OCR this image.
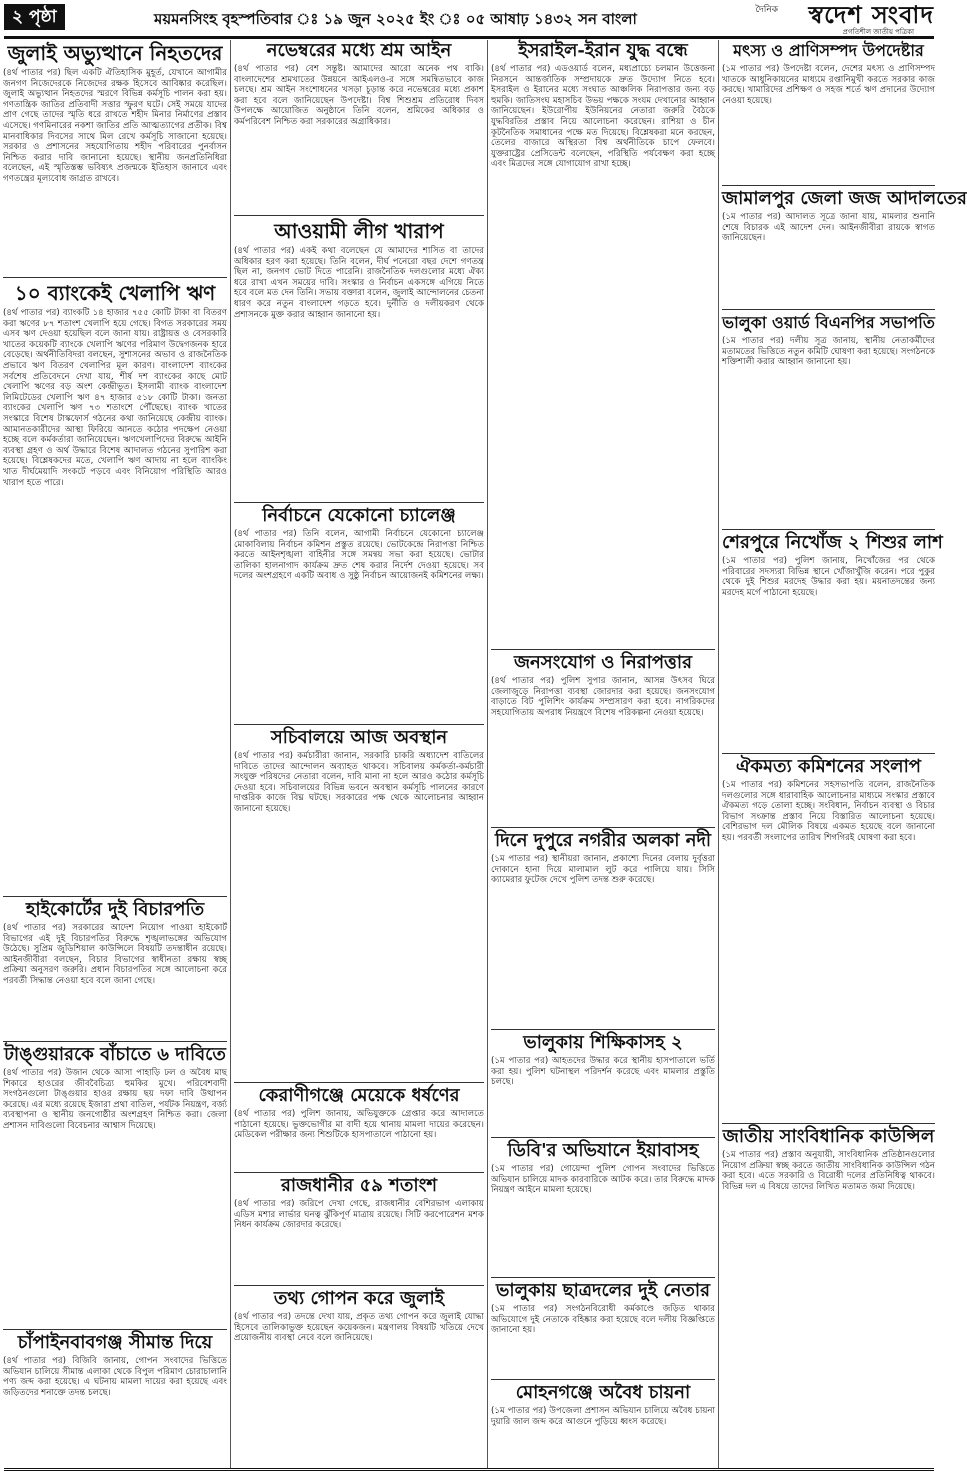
২ পৃষ্ঠা	ময়মনসিংহ বৃহস্পতিবার ঃ ১৯ জুন ২০২৫ ইং ঃ ০৫ আষাঢ় ১৪৩২ সন বাংলা	দৈনিক স্বদেশ সংবাদ
প্রগতিশীল জাতীয় পত্রিকা
জুলাই অভ্যুত্থানে নিহতদের

(৪র্থ পাতার পর) ছিল একটি ঐতিহাসিক মুহূর্ত, যেখানে আগামীর জনগণ নিজেদেরকে নিজেদের রক্ষক হিসেবে আবিষ্কার করেছিল। জুলাই অভ্যুত্থান নিহতদের স্মরণে বিভিন্ন কর্মসূচি পালন করা হয়। গণতান্ত্রিক জাতির প্রতিবাদী সত্তার স্ফুরণ ঘটে। সেই সময়ে যাদের প্রাণ গেছে তাদের স্মৃতি ধরে রাখতে শহীদ মিনার নির্মাণের প্রস্তাব এসেছে। গণমিনারের নকশা জাতির প্রতি আত্মত্যাগের প্রতীক। বিশ্ব মানবাধিকার দিবসের সাথে মিল রেখে কর্মসূচি সাজানো হয়েছে। সরকার ও প্রশাসনের সহযোগিতায় শহীদ পরিবারের পুনর্বাসন নিশ্চিত করার দাবি জানানো হয়েছে। স্থানীয় জনপ্রতিনিধিরা বলেছেন, এই স্মৃতিস্তম্ভ ভবিষ্যৎ প্রজন্মকে ইতিহাস জানাবে এবং গণতন্ত্রের মূল্যবোধ জাগ্রত রাখবে।

১০ ব্যাংকেই খেলাপি ঋণ

(৪র্থ পাতার পর) ব্যাংকটি ১৪ হাজার ৭৫৫ কোটি টাকা বা বিতরণ করা ঋণের ৮৭ শতাংশ খেলাপি হয়ে গেছে। বিগত সরকারের সময় এসব ঋণ দেওয়া হয়েছিল বলে জানা যায়। রাষ্ট্রায়ত্ত ও বেসরকারি খাতের কয়েকটি ব্যাংকে খেলাপি ঋণের পরিমাণ উদ্বেগজনক হারে বেড়েছে। অর্থনীতিবিদরা বলছেন, সুশাসনের অভাব ও রাজনৈতিক প্রভাবে ঋণ বিতরণ খেলাপির মূল কারণ। বাংলাদেশ ব্যাংকের সর্বশেষ প্রতিবেদনে দেখা যায়, শীর্ষ দশ ব্যাংকের কাছে মোট খেলাপি ঋণের বড় অংশ কেন্দ্রীভূত। ইসলামী ব্যাংক বাংলাদেশ লিমিটেডের খেলাপি ঋণ ৪৭ হাজার ৫১৮ কোটি টাকা। জনতা ব্যাংকের খেলাপি ঋণ ৭৩ শতাংশে পৌঁছেছে। ব্যাংক খাতের সংস্কারে বিশেষ টাস্কফোর্স গঠনের কথা জানিয়েছে কেন্দ্রীয় ব্যাংক। আমানতকারীদের আস্থা ফিরিয়ে আনতে কঠোর পদক্ষেপ নেওয়া হচ্ছে বলে কর্মকর্তারা জানিয়েছেন। ঋণখেলাপিদের বিরুদ্ধে আইনি ব্যবস্থা গ্রহণ ও অর্থ উদ্ধারে বিশেষ আদালত গঠনের সুপারিশ করা হয়েছে। বিশ্লেষকদের মতে, খেলাপি ঋণ আদায় না হলে ব্যাংকিং খাত দীর্ঘমেয়াদি সংকটে পড়বে এবং বিনিয়োগ পরিস্থিতি আরও খারাপ হতে পারে।

হাইকোর্টের দুই বিচারপতি

(৪র্থ পাতার পর) সরকারের আদেশ নিয়োগ পাওয়া হাইকোর্ট বিভাগের এই দুই বিচারপতির বিরুদ্ধে শৃঙ্খলাভঙ্গের অভিযোগ উঠেছে। সুপ্রিম জুডিশিয়াল কাউন্সিলে বিষয়টি তদন্তাধীন রয়েছে। আইনজীবীরা বলছেন, বিচার বিভাগের স্বাধীনতা রক্ষায় স্বচ্ছ প্রক্রিয়া অনুসরণ জরুরি। প্রধান বিচারপতির সঙ্গে আলোচনা করে পরবর্তী সিদ্ধান্ত নেওয়া হবে বলে জানা গেছে।

টাঙ্গুয়ারকে বাঁচাতে ৬ দাবিতে

(৪র্থ পাতার পর) উজান থেকে আসা পাহাড়ি ঢল ও অবৈধ মাছ শিকারে হাওরের জীববৈচিত্র্য হুমকির মুখে। পরিবেশবাদী সংগঠনগুলো টাঙ্গুয়ার হাওর রক্ষায় ছয় দফা দাবি উত্থাপন করেছে। এর মধ্যে রয়েছে ইজারা প্রথা বাতিল, পর্যটক নিয়ন্ত্রণ, বর্জ্য ব্যবস্থাপনা ও স্থানীয় জনগোষ্ঠীর অংশগ্রহণ নিশ্চিত করা। জেলা প্রশাসন দাবিগুলো বিবেচনার আশ্বাস দিয়েছে।

চাঁপাইনবাবগঞ্জ সীমান্ত দিয়ে

(৪র্থ পাতার পর) বিজিবি জানায়, গোপন সংবাদের ভিত্তিতে অভিযান চালিয়ে সীমান্ত এলাকা থেকে বিপুল পরিমাণ চোরাচালানি পণ্য জব্দ করা হয়েছে। এ ঘটনায় মামলা দায়ের করা হয়েছে এবং জড়িতদের শনাক্তে তদন্ত চলছে।

নভেম্বরের মধ্যে শ্রম আইন

(৪র্থ পাতার পর) বেশ সন্তুষ্ট। আমাদের আরো অনেক পথ বাকি। বাংলাদেশের শ্রমখাতের উন্নয়নে আইএলও-র সঙ্গে সমন্বিতভাবে কাজ চলছে। শ্রম আইন সংশোধনের খসড়া চূড়ান্ত করে নভেম্বরের মধ্যে প্রকাশ করা হবে বলে জানিয়েছেন উপদেষ্টা। বিশ্ব শিশুশ্রম প্রতিরোধ দিবস উপলক্ষে আয়োজিত অনুষ্ঠানে তিনি বলেন, শ্রমিকের অধিকার ও কর্মপরিবেশ নিশ্চিত করা সরকারের অগ্রাধিকার।

আওয়ামী লীগ খারাপ

(৪র্থ পাতার পর) একই কথা বলেছেন যে আমাদের শাসিত বা তাদের অধিকার হরণ করা হয়েছে। তিনি বলেন, দীর্ঘ পনেরো বছর দেশে গণতন্ত্র ছিল না, জনগণ ভোট দিতে পারেনি। রাজনৈতিক দলগুলোর মধ্যে ঐক্য ধরে রাখা এখন সময়ের দাবি। সংস্কার ও নির্বাচন একসঙ্গে এগিয়ে নিতে হবে বলে মত দেন তিনি। সভায় বক্তারা বলেন, জুলাই আন্দোলনের চেতনা ধারণ করে নতুন বাংলাদেশ গড়তে হবে। দুর্নীতি ও দলীয়করণ থেকে প্রশাসনকে মুক্ত করার আহ্বান জানানো হয়।

নির্বাচনে যেকোনো চ্যালেঞ্জ

(৪র্থ পাতার পর) তিনি বলেন, আগামী নির্বাচনে যেকোনো চ্যালেঞ্জ মোকাবিলায় নির্বাচন কমিশন প্রস্তুত রয়েছে। ভোটকেন্দ্রে নিরাপত্তা নিশ্চিত করতে আইনশৃঙ্খলা বাহিনীর সঙ্গে সমন্বয় সভা করা হয়েছে। ভোটার তালিকা হালনাগাদ কার্যক্রম দ্রুত শেষ করার নির্দেশ দেওয়া হয়েছে। সব দলের অংশগ্রহণে একটি অবাধ ও সুষ্ঠু নির্বাচন আয়োজনই কমিশনের লক্ষ্য।

সচিবালয়ে আজ অবস্থান

(৪র্থ পাতার পর) কর্মচারীরা জানান, সরকারি চাকরি অধ্যাদেশ বাতিলের দাবিতে তাদের আন্দোলন অব্যাহত থাকবে। সচিবালয় কর্মকর্তা-কর্মচারী সংযুক্ত পরিষদের নেতারা বলেন, দাবি মানা না হলে আরও কঠোর কর্মসূচি দেওয়া হবে। সচিবালয়ের বিভিন্ন ভবনে অবস্থান কর্মসূচি পালনের কারণে দাপ্তরিক কাজে বিঘ্ন ঘটছে। সরকারের পক্ষ থেকে আলোচনার আহ্বান জানানো হয়েছে।

কেরাণীগঞ্জে মেয়েকে ধর্ষণের

(৪র্থ পাতার পর) পুলিশ জানায়, অভিযুক্তকে গ্রেপ্তার করে আদালতে পাঠানো হয়েছে। ভুক্তভোগীর মা বাদী হয়ে থানায় মামলা দায়ের করেছেন। মেডিকেল পরীক্ষার জন্য শিশুটিকে হাসপাতালে পাঠানো হয়।

রাজধানীর ৫৯ শতাংশ

(৪র্থ পাতার পর) জরিপে দেখা গেছে, রাজধানীর বেশিরভাগ এলাকায় এডিস মশার লার্ভার ঘনত্ব ঝুঁকিপূর্ণ মাত্রায় রয়েছে। সিটি করপোরেশন মশক নিধন কার্যক্রম জোরদার করেছে।

তথ্য গোপন করে জুলাই

(৪র্থ পাতার পর) তদন্তে দেখা যায়, প্রকৃত তথ্য গোপন করে জুলাই যোদ্ধা হিসেবে তালিকাভুক্ত হয়েছেন কয়েকজন। মন্ত্রণালয় বিষয়টি খতিয়ে দেখে প্রয়োজনীয় ব্যবস্থা নেবে বলে জানিয়েছে।

ইসরাইল-ইরান যুদ্ধ বন্ধে

(৪র্থ পাতার পর) এডওয়ার্ড বলেন, মধ্যপ্রাচ্যে চলমান উত্তেজনা নিরসনে আন্তর্জাতিক সম্প্রদায়কে দ্রুত উদ্যোগ নিতে হবে। ইসরাইল ও ইরানের মধ্যে সংঘাত আঞ্চলিক নিরাপত্তার জন্য বড় হুমকি। জাতিসংঘ মহাসচিব উভয় পক্ষকে সংযম দেখানোর আহ্বান জানিয়েছেন। ইউরোপীয় ইউনিয়নের নেতারা জরুরি বৈঠকে যুদ্ধবিরতির প্রস্তাব নিয়ে আলোচনা করেছেন। রাশিয়া ও চীন কূটনৈতিক সমাধানের পক্ষে মত দিয়েছে। বিশ্লেষকরা মনে করছেন, তেলের বাজারে অস্থিরতা বিশ্ব অর্থনীতিকে চাপে ফেলবে। যুক্তরাষ্ট্রের প্রেসিডেন্ট বলেছেন, পরিস্থিতি পর্যবেক্ষণ করা হচ্ছে এবং মিত্রদের সঙ্গে যোগাযোগ রাখা হচ্ছে।

জনসংযোগ ও নিরাপত্তার

(৪র্থ পাতার পর) পুলিশ সুপার জানান, আসন্ন উৎসব ঘিরে জেলাজুড়ে নিরাপত্তা ব্যবস্থা জোরদার করা হয়েছে। জনসংযোগ বাড়াতে বিট পুলিশিং কার্যক্রম সম্প্রসারণ করা হবে। নাগরিকদের সহযোগিতায় অপরাধ নিয়ন্ত্রণে বিশেষ পরিকল্পনা নেওয়া হয়েছে।

দিনে দুপুরে নগরীর অলকা নদী

(১ম পাতার পর) স্থানীয়রা জানান, প্রকাশ্যে দিনের বেলায় দুর্বৃত্তরা দোকানে হানা দিয়ে মালামাল লুট করে পালিয়ে যায়। সিসি ক্যামেরার ফুটেজ দেখে পুলিশ তদন্ত শুরু করেছে।

ভালুকায় শিক্ষিকাসহ ২

(১ম পাতার পর) আহতদের উদ্ধার করে স্থানীয় হাসপাতালে ভর্তি করা হয়। পুলিশ ঘটনাস্থল পরিদর্শন করেছে এবং মামলার প্রস্তুতি চলছে।

ডিবি'র অভিযানে ইয়াবাসহ

(১ম পাতার পর) গোয়েন্দা পুলিশ গোপন সংবাদের ভিত্তিতে অভিযান চালিয়ে মাদক কারবারিকে আটক করে। তার বিরুদ্ধে মাদক নিয়ন্ত্রণ আইনে মামলা হয়েছে।

ভালুকায় ছাত্রদলের দুই নেতার

(১ম পাতার পর) সংগঠনবিরোধী কর্মকাণ্ডে জড়িত থাকার অভিযোগে দুই নেতাকে বহিষ্কার করা হয়েছে বলে দলীয় বিজ্ঞপ্তিতে জানানো হয়।

মোহনগঞ্জে অবৈধ চায়না

(১ম পাতার পর) উপজেলা প্রশাসন অভিযান চালিয়ে অবৈধ চায়না দুয়ারি জাল জব্দ করে আগুনে পুড়িয়ে ধ্বংস করেছে।

মৎস্য ও প্রাণিসম্পদ উপদেষ্টার

(১ম পাতার পর) উপদেষ্টা বলেন, দেশের মৎস্য ও প্রাণিসম্পদ খাতকে আধুনিকায়নের মাধ্যমে রপ্তানিমুখী করতে সরকার কাজ করছে। খামারিদের প্রশিক্ষণ ও সহজ শর্তে ঋণ প্রদানের উদ্যোগ নেওয়া হয়েছে।

জামালপুর জেলা জজ আদালতের

(১ম পাতার পর) আদালত সূত্রে জানা যায়, মামলার শুনানি শেষে বিচারক এই আদেশ দেন। আইনজীবীরা রায়কে স্বাগত জানিয়েছেন।

ভালুকা ওয়ার্ড বিএনপির সভাপতি

(১ম পাতার পর) দলীয় সূত্র জানায়, স্থানীয় নেতাকর্মীদের মতামতের ভিত্তিতে নতুন কমিটি ঘোষণা করা হয়েছে। সংগঠনকে শক্তিশালী করার আহ্বান জানানো হয়।

শেরপুরে নিখোঁজ ২ শিশুর লাশ

(১ম পাতার পর) পুলিশ জানায়, নিখোঁজের পর থেকে পরিবারের সদস্যরা বিভিন্ন স্থানে খোঁজাখুঁজি করেন। পরে পুকুর থেকে দুই শিশুর মরদেহ উদ্ধার করা হয়। ময়নাতদন্তের জন্য মরদেহ মর্গে পাঠানো হয়েছে।

ঐকমত্য কমিশনের সংলাপ

(১ম পাতার পর) কমিশনের সহসভাপতি বলেন, রাজনৈতিক দলগুলোর সঙ্গে ধারাবাহিক আলোচনার মাধ্যমে সংস্কার প্রস্তাবে ঐকমত্য গড়ে তোলা হচ্ছে। সংবিধান, নির্বাচন ব্যবস্থা ও বিচার বিভাগ সংক্রান্ত প্রস্তাব নিয়ে বিস্তারিত আলোচনা হয়েছে। বেশিরভাগ দল মৌলিক বিষয়ে একমত হয়েছে বলে জানানো হয়। পরবর্তী সংলাপের তারিখ শিগগিরই ঘোষণা করা হবে।

জাতীয় সাংবিধানিক কাউন্সিল

(১ম পাতার পর) প্রস্তাব অনুযায়ী, সাংবিধানিক প্রতিষ্ঠানগুলোর নিয়োগ প্রক্রিয়া স্বচ্ছ করতে জাতীয় সাংবিধানিক কাউন্সিল গঠন করা হবে। এতে সরকারি ও বিরোধী দলের প্রতিনিধিত্ব থাকবে। বিভিন্ন দল এ বিষয়ে তাদের লিখিত মতামত জমা দিয়েছে।
